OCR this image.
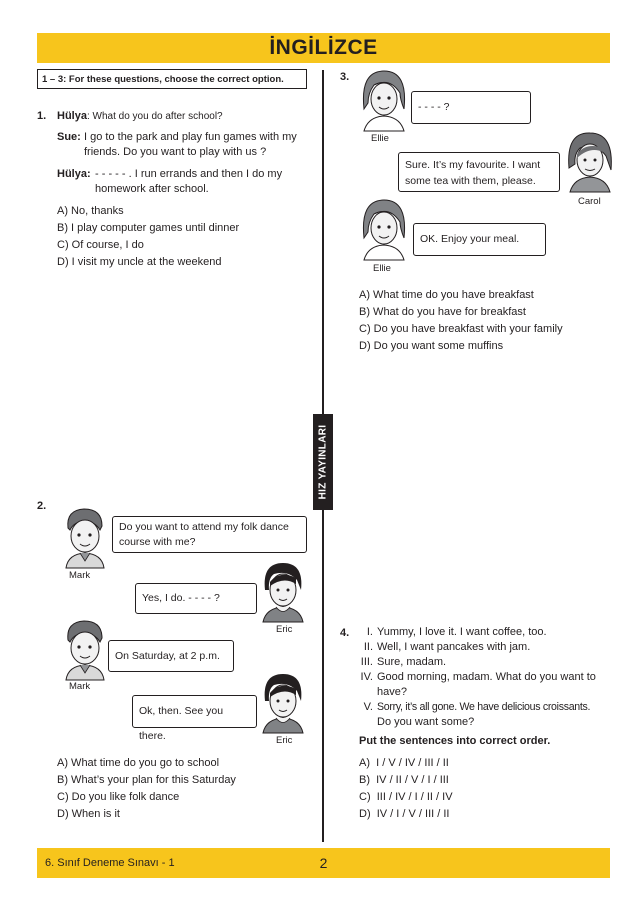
İNGİLİZCE
HIZ YAYINLARI
1 – 3: For these questions, choose the correct option.
1. Hülya: What do you do after school?
Sue: I go to the park and play fun games with my
friends. Do you want to play with us ?
Hülya: - - - - - . I run errands and then I do my
homework after school.
A) No, thanks
B) I play computer games until dinner
C) Of course, I do
D) I visit my uncle at the weekend
2.
Mark
Do you want to attend my folk dance
course with me?
Eric
Yes, I do. - - - - ?
Mark
On Saturday, at 2 p.m.
Eric
Ok, then. See you there.
A) What time do you go to school
B) What’s your plan for this Saturday
C) Do you like folk dance
D) When is it
3.
Ellie
- - - - ?
Carol
Sure. It’s my favourite. I want
some tea with them, please.
Ellie
OK. Enjoy your meal.
A) What time do you have breakfast
B) What do you have for breakfast
C) Do you have breakfast with your family
D) Do you want some muffins
4.	I. Yummy, I love it. I want coffee, too.
II. Well, I want pancakes with jam.
III. Sure, madam.
IV. Good morning, madam. What do you want to
have?
V. Sorry, it’s all gone. We have delicious croissants.
Do you want some?
Put the sentences into correct order.
A) I / V / IV / III / II
B) IV / II / V / I / III
C) III / IV / I / II / IV
D) IV / I / V / III / II
6. Sınıf Deneme Sınavı - 1	2
